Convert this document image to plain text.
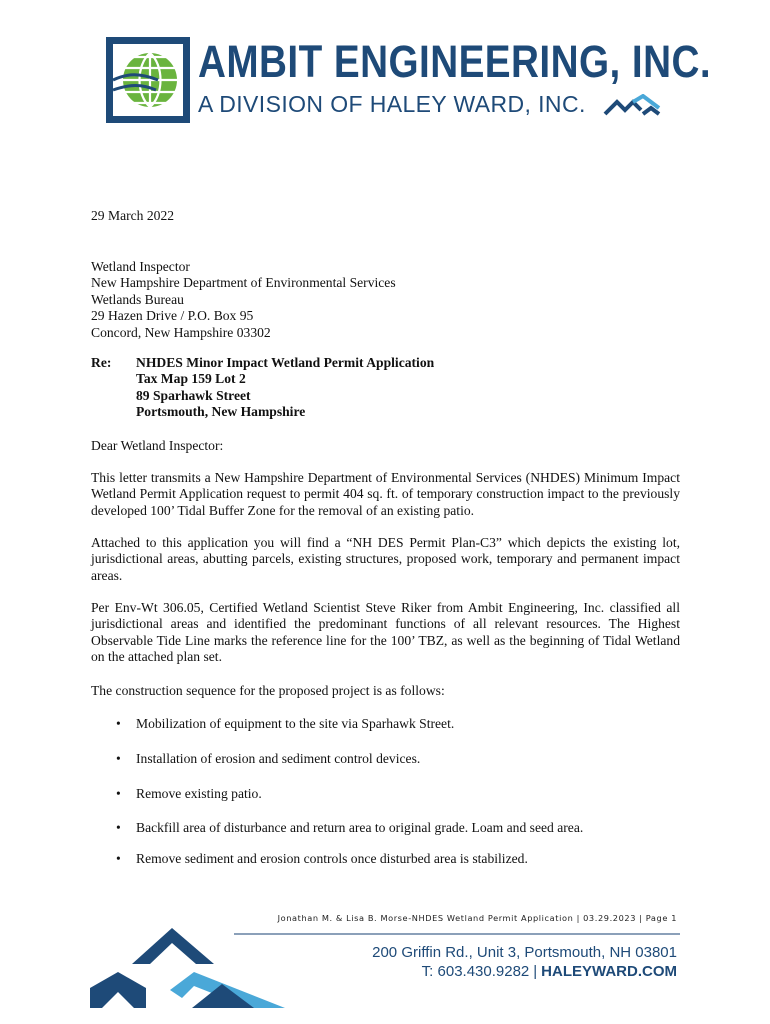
AMBIT ENGINEERING, INC.
A DIVISION OF HALEY WARD, INC.
29 March 2022
Wetland Inspector
New Hampshire Department of Environmental Services
Wetlands Bureau
29 Hazen Drive / P.O. Box 95
Concord, New Hampshire 03302
Re: NHDES Minor Impact Wetland Permit Application
Tax Map 159 Lot 2
89 Sparhawk Street
Portsmouth, New Hampshire
Dear Wetland Inspector:
This letter transmits a New Hampshire Department of Environmental Services (NHDES) Minimum Impact Wetland Permit Application request to permit 404 sq. ft. of temporary construction impact to the previously developed 100’ Tidal Buffer Zone for the removal of an existing patio.
Attached to this application you will find a “NH DES Permit Plan-C3” which depicts the existing lot, jurisdictional areas, abutting parcels, existing structures, proposed work, temporary and permanent impact areas.
Per Env-Wt 306.05, Certified Wetland Scientist Steve Riker from Ambit Engineering, Inc. classified all jurisdictional areas and identified the predominant functions of all relevant resources. The Highest Observable Tide Line marks the reference line for the 100’ TBZ, as well as the beginning of Tidal Wetland on the attached plan set.
The construction sequence for the proposed project is as follows:
• Mobilization of equipment to the site via Sparhawk Street.
• Installation of erosion and sediment control devices.
• Remove existing patio.
• Backfill area of disturbance and return area to original grade. Loam and seed area.
• Remove sediment and erosion controls once disturbed area is stabilized.
Jonathan M. & Lisa B. Morse-NHDES Wetland Permit Application | 03.29.2023 | Page 1
200 Griffin Rd., Unit 3, Portsmouth, NH 03801
T: 603.430.9282 | HALEYWARD.COM
